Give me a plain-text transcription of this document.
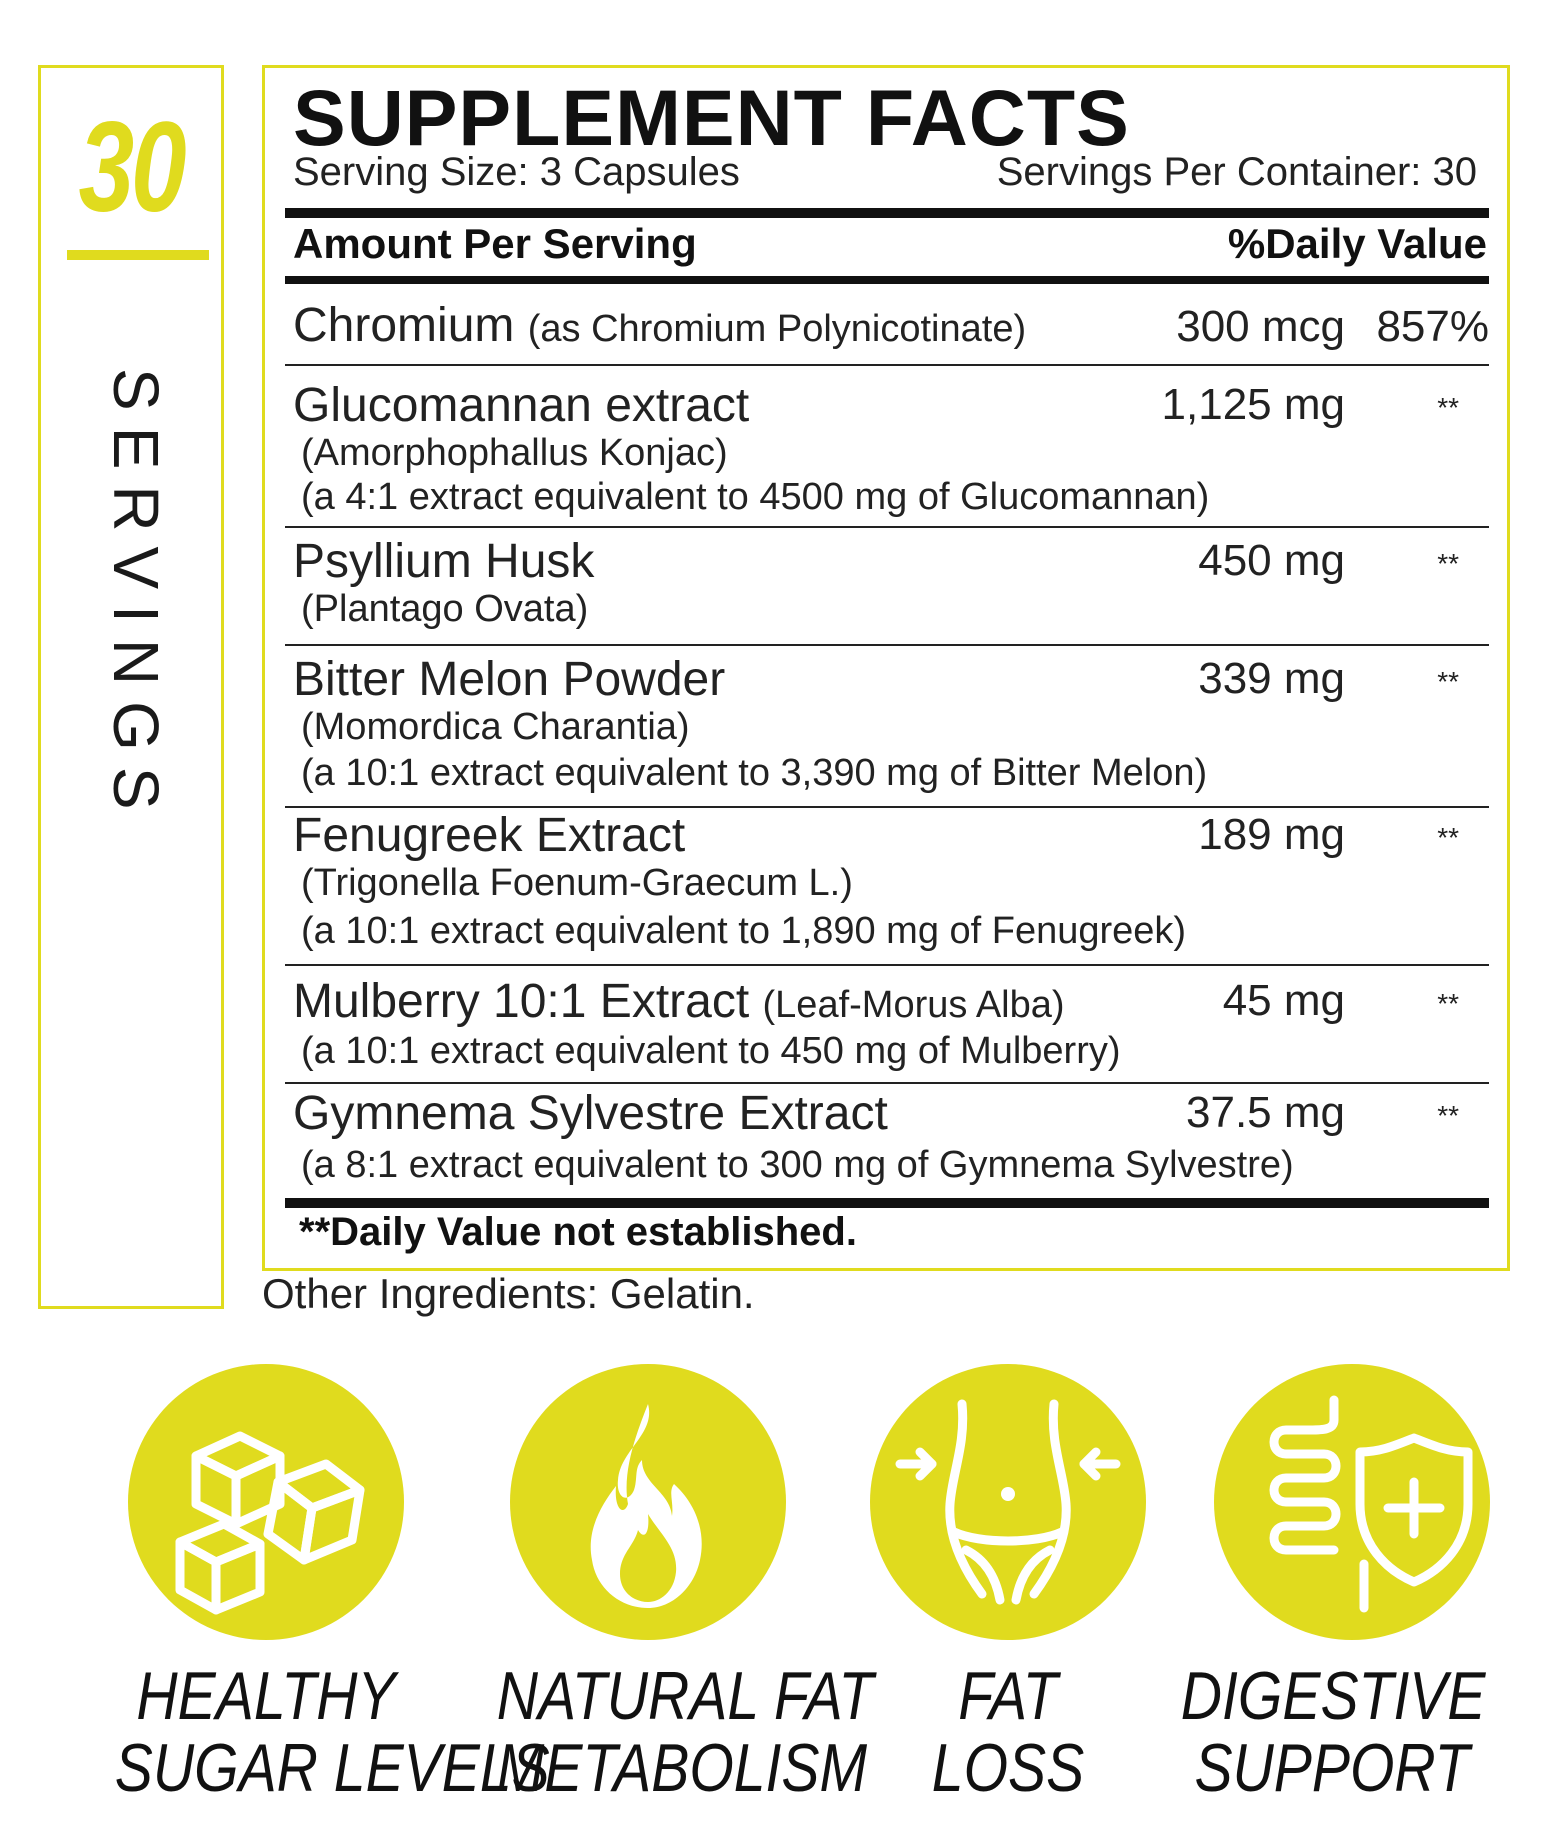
30
SERVINGS
SUPPLEMENT FACTS
Serving Size: 3 Capsules	Servings Per Container: 30
Amount Per Serving	%Daily Value
Chromium (as Chromium Polynicotinate)	300 mcg 857%
Glucomannan extract	1,125 mg	**
(Amorphophallus Konjac)
(a 4:1 extract equivalent to 4500 mg of Glucomannan)
Psyllium Husk	450 mg	**
(Plantago Ovata)
Bitter Melon Powder	339 mg	**
(Momordica Charantia)
(a 10:1 extract equivalent to 3,390 mg of Bitter Melon)
Fenugreek Extract	189 mg	**
(Trigonella Foenum-Graecum L.)
(a 10:1 extract equivalent to 1,890 mg of Fenugreek)
Mulberry 10:1 Extract (Leaf-Morus Alba)	45 mg	**
(a 10:1 extract equivalent to 450 mg of Mulberry)
Gymnema Sylvestre Extract	37.5 mg	**
(a 8:1 extract equivalent to 300 mg of Gymnema Sylvestre)
**Daily Value not established.
Other Ingredients: Gelatin.
HEALTHY
SUGAR LEVELS
NATURAL FAT
METABOLISM
FAT
LOSS
DIGESTIVE
SUPPORT
